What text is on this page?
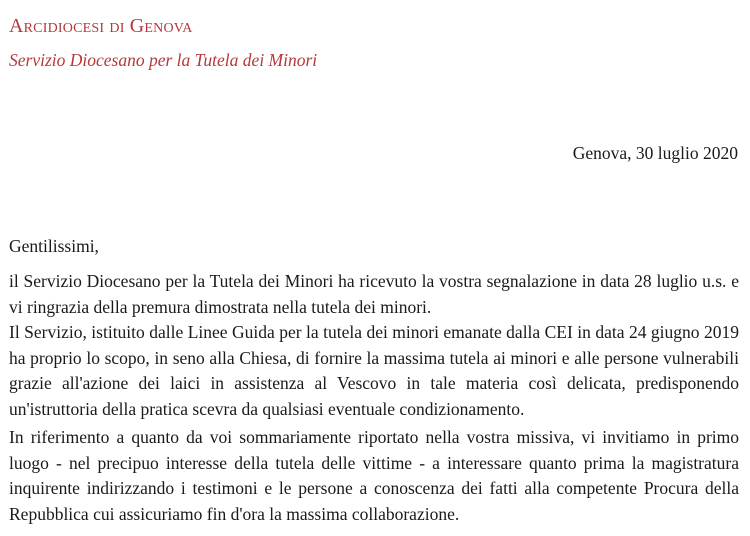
Arcidiocesi di Genova
Servizio Diocesano per la Tutela dei Minori
Genova, 30 luglio 2020
Gentilissimi,

il Servizio Diocesano per la Tutela dei Minori ha ricevuto la vostra segnalazione in data 28 luglio u.s. e vi ringrazia della premura dimostrata nella tutela dei minori.

Il Servizio, istituito dalle Linee Guida per la tutela dei minori emanate dalla CEI in data 24 giugno 2019 ha proprio lo scopo, in seno alla Chiesa, di fornire la massima tutela ai minori e alle persone vulnerabili grazie all'azione dei laici in assistenza al Vescovo in tale materia così delicata, predisponendo un'istruttoria della pratica scevra da qualsiasi eventuale condizionamento.

In riferimento a quanto da voi sommariamente riportato nella vostra missiva, vi invitiamo in primo luogo - nel precipuo interesse della tutela delle vittime - a interessare quanto prima la magistratura inquirente indirizzando i testimoni e le persone a conoscenza dei fatti alla competente Procura della Repubblica cui assicuriamo fin d'ora la massima collaborazione.
